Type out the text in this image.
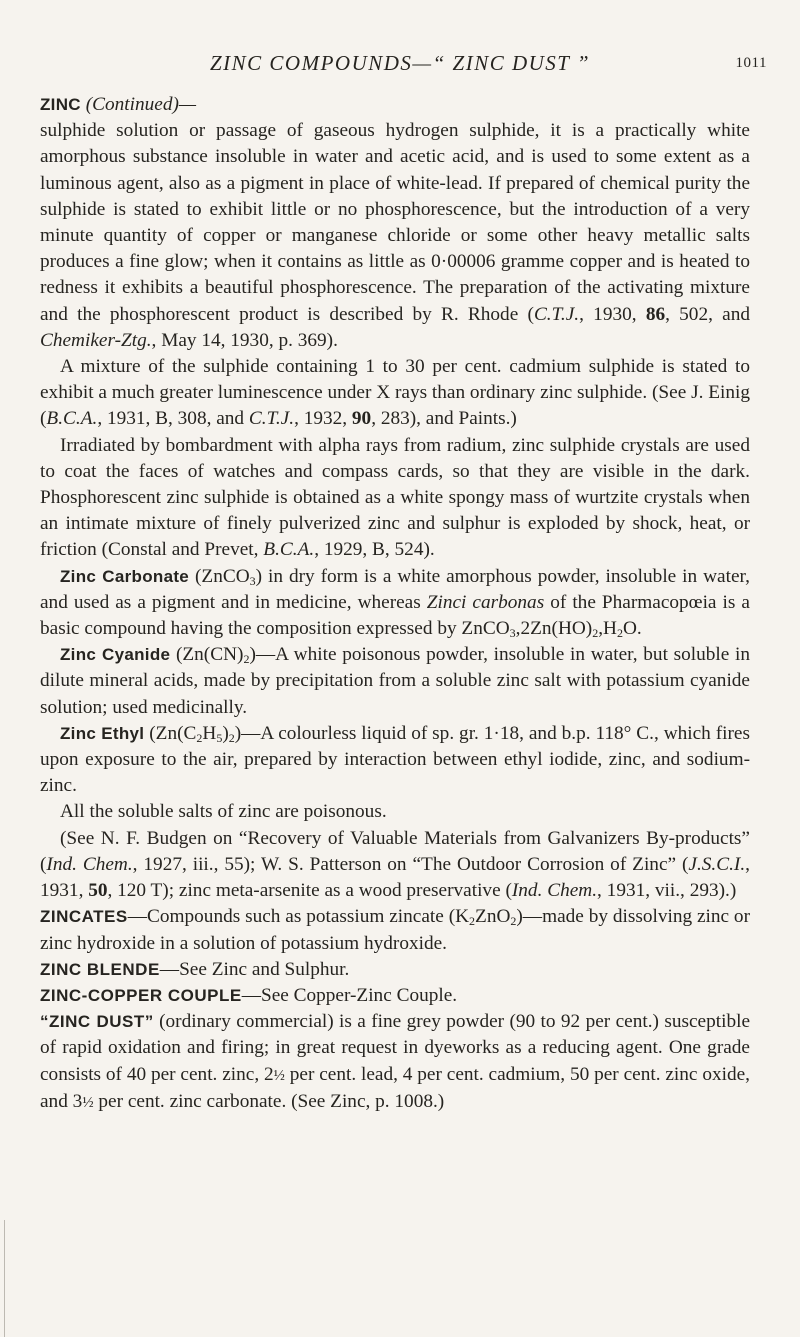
ZINC COMPOUNDS—“ ZINC DUST ”	1011

ZINC (Continued)—
sulphide solution or passage of gaseous hydrogen sulphide, it is a practically white amorphous substance insoluble in water and acetic acid, and is used to some extent as a luminous agent, also as a pigment in place of white-lead. If prepared of chemical purity the sulphide is stated to exhibit little or no phosphorescence, but the introduction of a very minute quantity of copper or manganese chloride or some other heavy metallic salts produces a fine glow; when it contains as little as 0·00006 gramme copper and is heated to redness it exhibits a beautiful phosphorescence. The preparation of the activating mixture and the phosphorescent product is described by R. Rhode (C.T.J., 1930, 86, 502, and Chemiker-Ztg., May 14, 1930, p. 369).

A mixture of the sulphide containing 1 to 30 per cent. cadmium sulphide is stated to exhibit a much greater luminescence under X rays than ordinary zinc sulphide. (See J. Einig (B.C.A., 1931, B, 308, and C.T.J., 1932, 90, 283), and Paints.)

Irradiated by bombardment with alpha rays from radium, zinc sulphide crystals are used to coat the faces of watches and compass cards, so that they are visible in the dark. Phosphorescent zinc sulphide is obtained as a white spongy mass of wurtzite crystals when an intimate mixture of finely pulverized zinc and sulphur is exploded by shock, heat, or friction (Constal and Prevet, B.C.A., 1929, B, 524).

Zinc Carbonate (ZnCO$_3$) in dry form is a white amorphous powder, insoluble in water, and used as a pigment and in medicine, whereas Zinci carbonas of the Pharmacopœia is a basic compound having the composition expressed by $ZnCO_3,2Zn(HO)_2,H_2O$.

Zinc Cyanide $(Zn(CN)_2)—A$ white poisonous powder, insoluble in water, but soluble in dilute mineral acids, made by precipitation from a soluble zinc salt with potassium cyanide solution; used medicinally.

Zinc Ethyl $(Zn(C_2H_5)_2)—A$ colourless liquid of sp. gr. 1·18, and b.p. 118° C., which fires upon exposure to the air, prepared by interaction between ethyl iodide, zinc, and sodium-zinc.

All the soluble salts of zinc are poisonous.

(See N. F. Budgen on “Recovery of Valuable Materials from Galvanizers By-products” (Ind. Chem., 1927, iii., 55); W. S. Patterson on “The Outdoor Corrosion of Zinc” (J.S.C.I., 1931, 50, 120 T); zinc meta-arsenite as a wood preservative (Ind. Chem., 1931, vii., 293).)

ZINCATES—Compounds such as potassium zincate $(K_2ZnO_2)—made$ by dissolving zinc or zinc hydroxide in a solution of potassium hydroxide.

ZINC BLENDE—See Zinc and Sulphur.

ZINC-COPPER COUPLE—See Copper-Zinc Couple.

“ZINC DUST” (ordinary commercial) is a fine grey powder (90 to 92 per cent.) susceptible of rapid oxidation and firing; in great request in dyeworks as a reducing agent. One grade consists of 40 per cent. zinc, 2½ per cent. lead, 4 per cent. cadmium, 50 per cent. zinc oxide, and 3½ per cent. zinc carbonate. (See Zinc, p. 1008.)
